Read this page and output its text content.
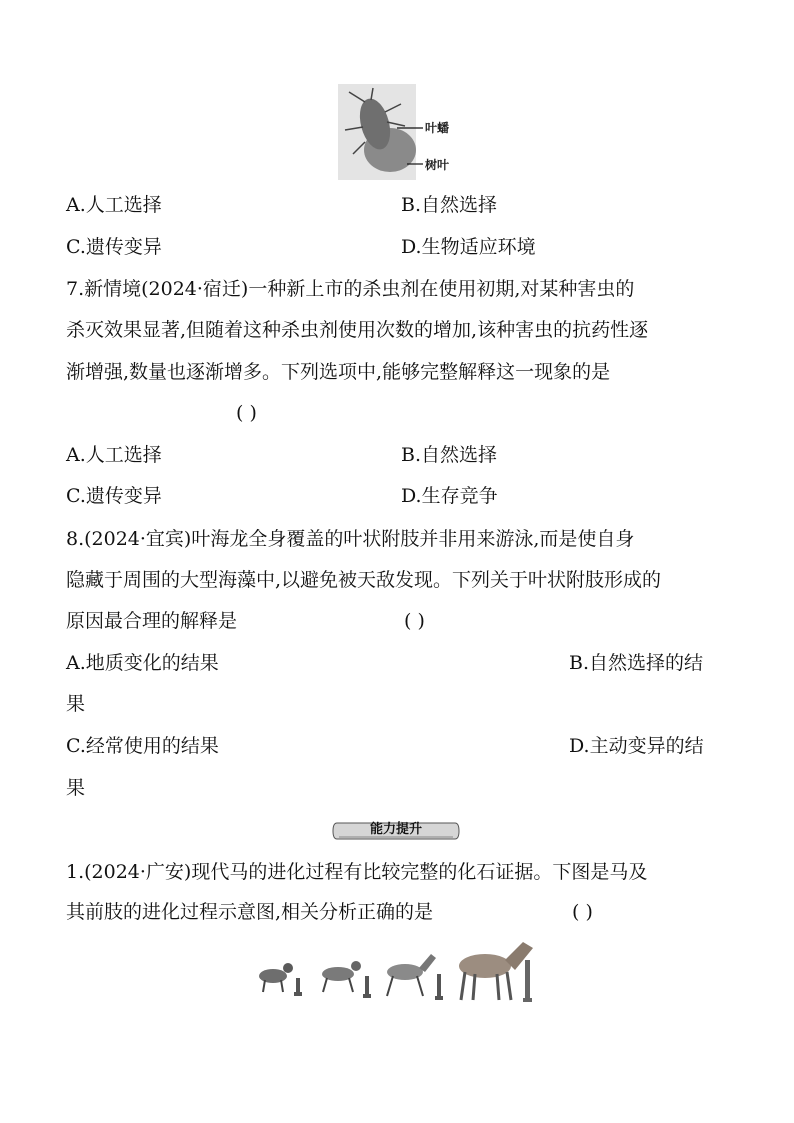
叶蟠
树叶
A.人工选择	B.自然选择
C.遗传变异	D.生物适应环境
7.新情境(2024·宿迁)一种新上市的杀虫剂在使用初期,对某种害虫的
杀灭效果显著,但随着这种杀虫剂使用次数的增加,该种害虫的抗药性逐
渐增强,数量也逐渐增多。下列选项中,能够完整解释这一现象的是
( )
A.人工选择	B.自然选择
C.遗传变异	D.生存竞争
8.(2024·宜宾)叶海龙全身覆盖的叶状附肢并非用来游泳,而是使自身
隐藏于周围的大型海藻中,以避免被天敌发现。下列关于叶状附肢形成的
原因最合理的解释是	( )
A.地质变化的结果	B.自然选择的结
果
C.经常使用的结果	D.主动变异的结
果
能力提升
1.(2024·广安)现代马的进化过程有比较完整的化石证据。下图是马及
其前肢的进化过程示意图,相关分析正确的是	( )
